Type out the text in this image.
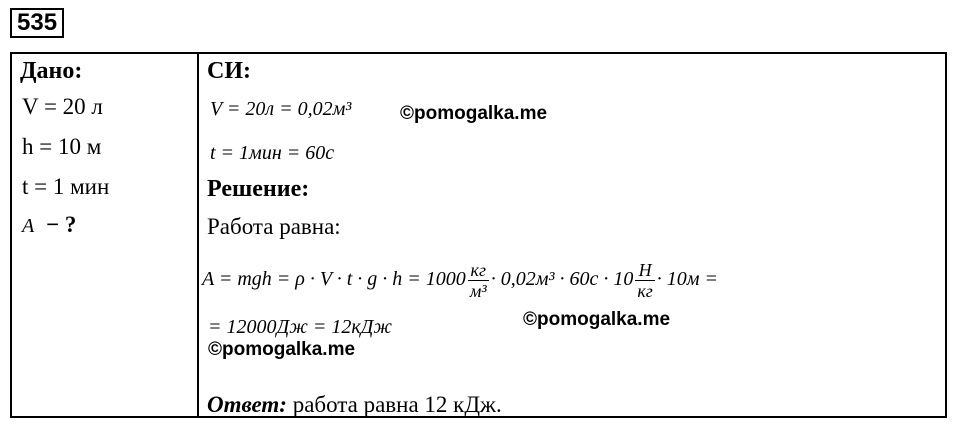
535
Дано:
V = 20 л
h = 10 м
t = 1 мин
A − ?
СИ:
V = 20л = 0,02м³	©pomogalka.me
t = 1мин = 60с
Решение:
Работа равна:
A = mgh = $\rho \cdot V \cdot t \cdot g \cdot h = 1000 \frac{кг}{\text{м³}} \cdot 0,02м^3 \cdot 60с \cdot 10 \frac{Н}{кг} \cdot 10м$ =
= 12000Дж = 12кДж	©pomogalka.me
©pomogalka.me
Ответ: работа равна 12 кДж.
